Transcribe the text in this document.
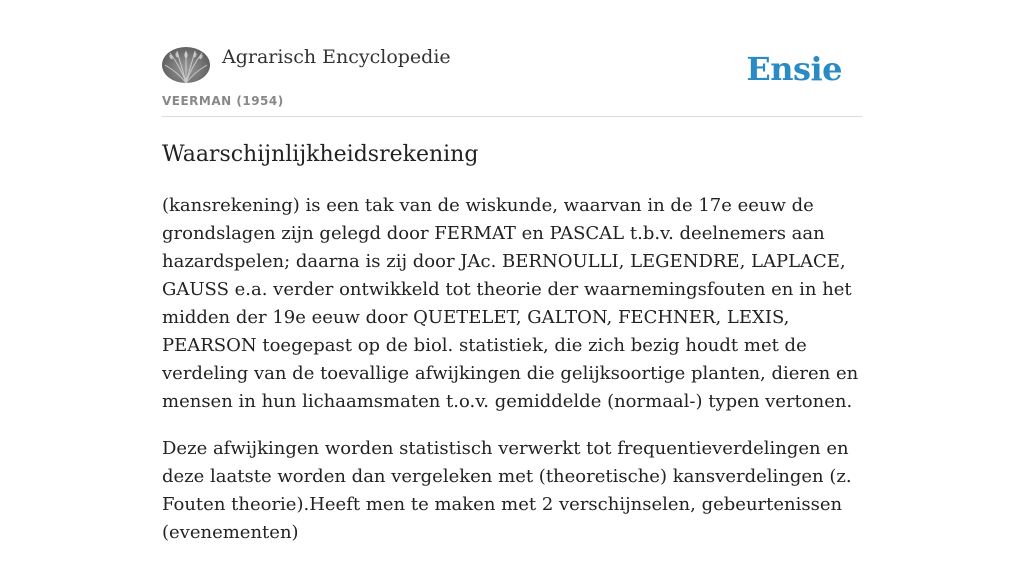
Agrarisch Encyclopedie
VEERMAN (1954)
Ensie
Waarschijnlijkheidsrekening

(kansrekening) is een tak van de wiskunde, waarvan in de 17e eeuw de grondslagen zijn gelegd door FERMAT en PASCAL t.b.v. deelnemers aan hazardspelen; daarna is zij door JAc. BERNOULLI, LEGENDRE, LAPLACE, GAUSS e.a. verder ontwikkeld tot theorie der waarnemingsfouten en in het midden der 19e eeuw door QUETELET, GALTON, FECHNER, LEXIS, PEARSON toegepast op de biol. statistiek, die zich bezig houdt met de verdeling van de toevallige afwijkingen die gelijksoortige planten, dieren en mensen in hun lichaamsmaten t.o.v. gemiddelde (normaal-) typen vertonen.

Deze afwijkingen worden statistisch verwerkt tot frequentieverdelingen en deze laatste worden dan vergeleken met (theoretische) kansverdelingen (z. Fouten theorie).Heeft men te maken met 2 verschijnselen, gebeurtenissen (evenementen)
